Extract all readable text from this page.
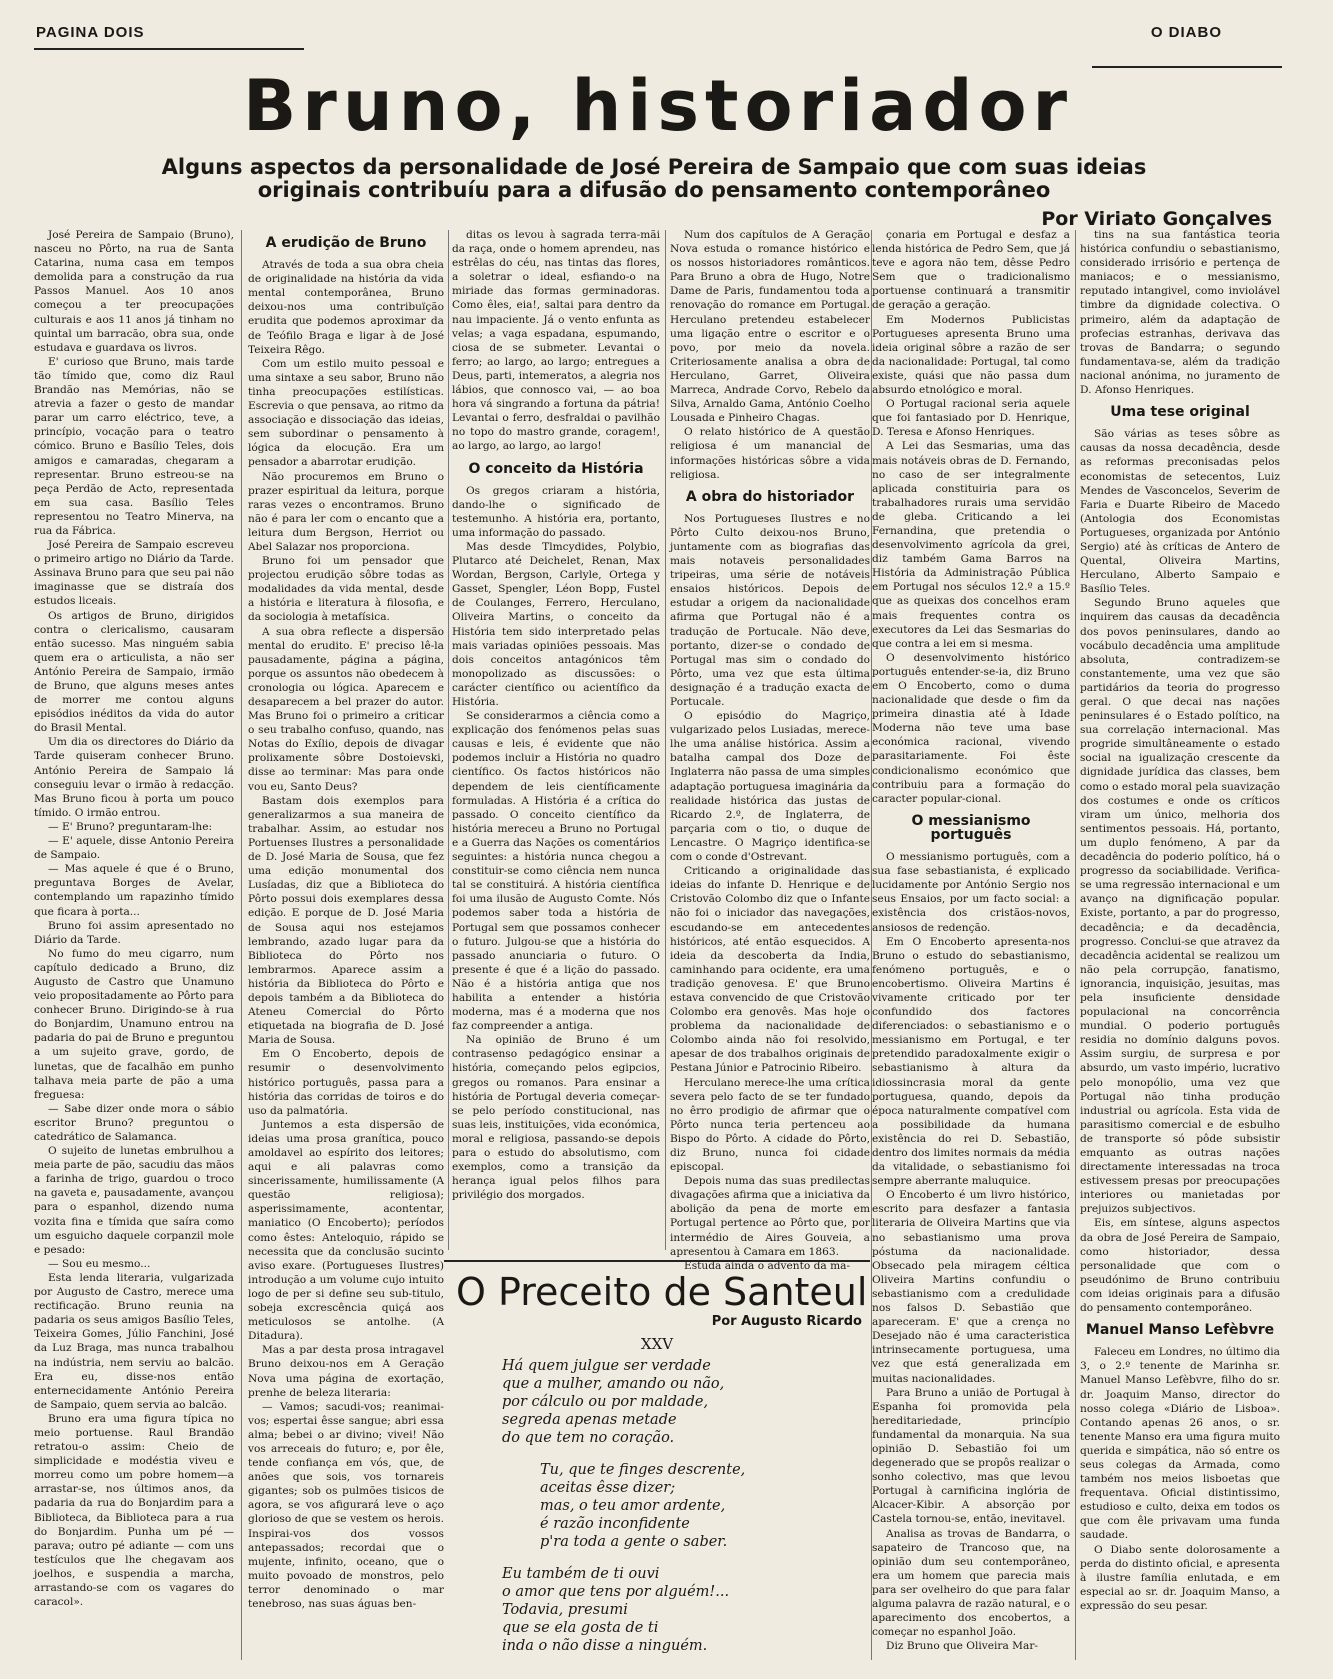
PAGINA DOIS	O DIABO
Bruno, historiador
Alguns aspectos da personalidade de José Pereira de Sampaio que com suas ideias originais contribuíu para a difusão do pensamento contemporâneo
Por Viriato Gonçalves

José Pereira de Sampaio (Bruno), nasceu no Pôrto, na rua de Santa Catarina, numa casa em tempos demolida para a construção da rua Passos Manuel. Aos 10 anos começou a ter preocupações culturais e aos 11 anos já tinham no quintal um barracão, obra sua, onde estudava e guardava os livros.

E' curioso que Bruno, mais tarde tão tímido que, como diz Raul Brandão nas Memórias, não se atrevia a fazer o gesto de mandar parar um carro eléctrico, teve, a princípio, vocação para o teatro cómico. Bruno e Basílio Teles, dois amigos e camaradas, chegaram a representar. Bruno estreou-se na peça Perdão de Acto, representada em sua casa. Basílio Teles representou no Teatro Minerva, na rua da Fábrica.

José Pereira de Sampaio escreveu o primeiro artigo no Diário da Tarde. Assinava Bruno para que seu pai não imaginasse que se distraía dos estudos liceais.

Os artigos de Bruno, dirigidos contra o clericalismo, causaram então sucesso. Mas ninguém sabia quem era o articulista, a não ser António Pereira de Sampaio, irmão de Bruno, que alguns meses antes de morrer me contou alguns episódios inéditos da vida do autor do Brasil Mental.

Um dia os directores do Diário da Tarde quiseram conhecer Bruno. António Pereira de Sampaio lá conseguiu levar o irmão à redacção. Mas Bruno ficou à porta um pouco tímido. O irmão entrou.

— E' Bruno? preguntaram-lhe:

— E' aquele, disse Antonio Pereira de Sampaio.

— Mas aquele é que é o Bruno, preguntava Borges de Avelar, contemplando um rapazinho tímido que ficara à porta...

Bruno foi assim apresentado no Diário da Tarde.

No fumo do meu cigarro, num capítulo dedicado a Bruno, diz Augusto de Castro que Unamuno veio propositadamente ao Pôrto para conhecer Bruno. Dirigindo-se à rua do Bonjardim, Unamuno entrou na padaria do pai de Bruno e preguntou a um sujeito grave, gordo, de lunetas, que de facalhão em punho talhava meia parte de pão a uma freguesa:

— Sabe dizer onde mora o sábio escritor Bruno? preguntou o catedrático de Salamanca.

O sujeito de lunetas embrulhou a meia parte de pão, sacudiu das mãos a farinha de trigo, guardou o troco na gaveta e, pausadamente, avançou para o espanhol, dizendo numa vozita fina e tímida que saíra como um esguicho daquele corpanzil mole e pesado:

— Sou eu mesmo...

Esta lenda literaria, vulgarizada por Augusto de Castro, merece uma rectificação. Bruno reunia na padaria os seus amigos Basílio Teles, Teixeira Gomes, Júlio Fanchini, José da Luz Braga, mas nunca trabalhou na indústria, nem serviu ao balcão. Era eu, disse-nos então enternecidamente António Pereira de Sampaio, quem servia ao balcão.

Bruno era uma figura típica no meio portuense. Raul Brandão retratou-o assim: Cheio de simplicidade e modéstia viveu e morreu como um pobre homem—a arrastar-se, nos últimos anos, da padaria da rua do Bonjardim para a Biblioteca, da Biblioteca para a rua do Bonjardim. Punha um pé — parava; outro pé adiante — com uns testículos que lhe chegavam aos joelhos, e suspendia a marcha, arrastando-se com os vagares do caracol».

A erudição de Bruno

Através de toda a sua obra cheia de originalidade na história da vida mental contemporânea, Bruno deixou-nos uma contribuïção erudita que podemos aproximar da de Teófilo Braga e ligar à de José Teixeira Rêgo.

Com um estilo muito pessoal e uma sintaxe a seu sabor, Bruno não tinha preocupações estilísticas. Escrevia o que pensava, ao ritmo da associação e dissociação das ideias, sem subordinar o pensamento à lógica da elocução. Era um pensador a abarrotar erudição.

Não procuremos em Bruno o prazer espiritual da leitura, porque raras vezes o encontramos. Bruno não é para ler com o encanto que a leitura dum Bergson, Herriot ou Abel Salazar nos proporciona.

Bruno foi um pensador que projectou erudição sôbre todas as modalidades da vida mental, desde a história e literatura à filosofia, e da sociologia à metafísica.

A sua obra reflecte a dispersão mental do erudito. E' preciso lê-la pausadamente, página a página, porque os assuntos não obedecem à cronologia ou lógica. Aparecem e desaparecem a bel prazer do autor. Mas Bruno foi o primeiro a criticar o seu trabalho confuso, quando, nas Notas do Exílio, depois de divagar prolixamente sôbre Dostoievski, disse ao terminar: Mas para onde vou eu, Santo Deus?

Bastam dois exemplos para generalizarmos a sua maneira de trabalhar. Assim, ao estudar nos Portuenses Ilustres a personalidade de D. José Maria de Sousa, que fez uma edição monumental dos Lusíadas, diz que a Biblioteca do Pôrto possui dois exemplares dessa edição. E porque de D. José Maria de Sousa aqui nos estejamos lembrando, azado lugar para da Biblioteca do Pôrto nos lembrarmos. Aparece assim a história da Biblioteca do Pôrto e depois também a da Biblioteca do Ateneu Comercial do Pôrto etiquetada na biografia de D. José Maria de Sousa.

Em O Encoberto, depois de resumir o desenvolvimento histórico português, passa para a história das corridas de toiros e do uso da palmatória.

Juntemos a esta dispersão de ideias uma prosa granítica, pouco amoldavel ao espírito dos leitores; aqui e ali palavras como sincerissamente, humilissamente (A questão religiosa); asperissimamente, acontentar, maniatico (O Encoberto); períodos como êstes: Anteloquio, rápido se necessita que da conclusão sucinto aviso exare. (Portugueses Ilustres) introdução a um volume cujo intuito logo de per si define seu sub-titulo, sobeja excrescência quiçá aos meticulosos se antolhe. (A Ditadura).

Mas a par desta prosa intragavel Bruno deixou-nos em A Geração Nova uma página de exortação, prenhe de beleza literaria:

— Vamos; sacudi-vos; reanimai-vos; espertai êsse sangue; abri essa alma; bebei o ar divino; vivei! Não vos arreceais do futuro; e, por êle, tende confiança em vós, que, de anões que sois, vos tornareis gigantes; sob os pulmões tisicos de agora, se vos afigurará leve o aço glorioso de que se vestem os herois. Inspirai-vos dos vossos antepassados; recordai que o mujente, infinito, oceano, que o muito povoado de monstros, pelo terror denominado o mar tenebroso, nas suas águas ben-

ditas os levou à sagrada terra-mãi da raça, onde o homem aprendeu, nas estrêlas do céu, nas tintas das flores, a soletrar o ideal, esfiando-o na miriade das formas germinadoras. Como êles, eia!, saltai para dentro da nau impaciente. Já o vento enfunta as velas; a vaga espadana, espumando, ciosa de se submeter. Levantai o ferro; ao largo, ao largo; entregues a Deus, parti, intemeratos, a alegria nos lábios, que connosco vai, — ao boa hora vá singrando a fortuna da pátria! Levantai o ferro, desfraldai o pavilhão no topo do mastro grande, coragem!, ao largo, ao largo, ao largo!

O conceito da História

Os gregos criaram a história, dando-lhe o significado de testemunho. A história era, portanto, uma informação do passado.

Mas desde Tlmcydides, Polybio, Plutarco até Deichelet, Renan, Max Wordan, Bergson, Carlyle, Ortega y Gasset, Spengler, Léon Bopp, Fustel de Coulanges, Ferrero, Herculano, Oliveira Martins, o conceito da História tem sido interpretado pelas mais variadas opiniões pessoais. Mas dois conceitos antagónicos têm monopolizado as discussões: o carácter científico ou acientífico da História.

Se considerarmos a ciência como a explicação dos fenómenos pelas suas causas e leis, é evidente que não podemos incluir a História no quadro científico. Os factos históricos não dependem de leis científicamente formuladas. A História é a crítica do passado. O conceito científico da história mereceu a Bruno no Portugal e a Guerra das Nações os comentários seguintes: a história nunca chegou a constituir-se como ciência nem nunca tal se constituirá. A história científica foi uma ilusão de Augusto Comte. Nós podemos saber toda a história de Portugal sem que possamos conhecer o futuro. Julgou-se que a história do passado anunciaria o futuro. O presente é que é a lição do passado. Não é a história antiga que nos habilita a entender a história moderna, mas é a moderna que nos faz compreender a antiga.

Na opinião de Bruno é um contrasenso pedagógico ensinar a história, começando pelos egipcios, gregos ou romanos. Para ensinar a história de Portugal deveria começar-se pelo período constitucional, nas suas leis, instituições, vida económica, moral e religiosa, passando-se depois para o estudo do absolutismo, com exemplos, como a transição da herança igual pelos filhos para privilégio dos morgados.

Num dos capítulos de A Geração Nova estuda o romance histórico e os nossos historiadores românticos. Para Bruno a obra de Hugo, Notre Dame de Paris, fundamentou toda a renovação do romance em Portugal. Herculano pretendeu estabelecer uma ligação entre o escritor e o povo, por meio da novela. Criteriosamente analisa a obra de Herculano, Garret, Oliveira Marreca, Andrade Corvo, Rebelo da Silva, Arnaldo Gama, António Coelho Lousada e Pinheiro Chagas.

O relato histórico de A questão religiosa é um manancial de informações históricas sôbre a vida religiosa.

A obra do historiador

Nos Portugueses Ilustres e no Pôrto Culto deixou-nos Bruno, juntamente com as biografias das mais notaveis personalidades tripeiras, uma série de notáveis ensaios históricos. Depois de estudar a origem da nacionalidade afirma que Portugal não é a tradução de Portucale. Não deve, portanto, dizer-se o condado de Portugal mas sim o condado do Pôrto, uma vez que esta última designação é a tradução exacta de Portucale.

O episódio do Magriço, vulgarizado pelos Lusiadas, merece-lhe uma análise histórica. Assim a batalha campal dos Doze de Inglaterra não passa de uma simples adaptação portuguesa imaginária da realidade histórica das justas de Ricardo 2.º, de Inglaterra, de parçaria com o tio, o duque de Lencastre. O Magriço identifica-se com o conde d'Ostrevant.

Criticando a originalidade das ideias do infante D. Henrique e de Cristovão Colombo diz que o Infante não foi o iniciador das navegações, escudando-se em antecedentes históricos, até então esquecidos. A ideia da descoberta da India, caminhando para ocidente, era uma tradição genovesa. E' que Bruno estava convencido de que Cristovão Colombo era genovês. Mas hoje o problema da nacionalidade de Colombo ainda não foi resolvido, apesar de dos trabalhos originais de Pestana Júnior e Patrocinio Ribeiro.

Herculano merece-lhe uma crítica severa pelo facto de se ter fundado no êrro prodigio de afirmar que o Pôrto nunca teria pertenceu ao Bispo do Pôrto. A cidade do Pôrto, diz Bruno, nunca foi cidade episcopal.

Depois numa das suas predilectas divagações afirma que a iniciativa da abolição da pena de morte em Portugal pertence ao Pôrto que, por intermédio de Aires Gouveia, a apresentou à Camara em 1863.

Estuda ainda o advento da ma-

çonaria em Portugal e desfaz a lenda histórica de Pedro Sem, que já teve e agora não tem, dêsse Pedro Sem que o tradicionalismo portuense continuará a transmitir de geração a geração.

Em Modernos Publicistas Portugueses apresenta Bruno uma ideia original sôbre a razão de ser da nacionalidade: Portugal, tal como existe, quási que não passa dum absurdo etnológico e moral.

O Portugal racional seria aquele que foi fantasiado por D. Henrique, D. Teresa e Afonso Henriques.

A Lei das Sesmarias, uma das mais notáveis obras de D. Fernando, no caso de ser integralmente aplicada constituiria para os trabalhadores rurais uma servidão de gleba. Criticando a lei Fernandina, que pretendia o desenvolvimento agrícola da grei, diz também Gama Barros na História da Administração Pública em Portugal nos séculos 12.º a 15.º que as queixas dos concelhos eram mais frequentes contra os executores da Lei das Sesmarias do que contra a lei em si mesma.

O desenvolvimento histórico português entender-se-ia, diz Bruno em O Encoberto, como o duma nacionalidade que desde o fim da primeira dinastia até à Idade Moderna não teve uma base económica racional, vivendo parasitariamente. Foi êste condicionalismo económico que contribuiu para a formação do caracter popular-cional.

O messianismo português

O messianismo português, com a sua fase sebastianista, é explicado lucidamente por António Sergio nos seus Ensaios, por um facto social: a existência dos cristãos-novos, ansiosos de redenção.

Em O Encoberto apresenta-nos Bruno o estudo do sebastianismo, fenómeno português, e o encobertismo. Oliveira Martins é vivamente criticado por ter confundido dos factores diferenciados: o sebastianismo e o messianismo em Portugal, e ter pretendido paradoxalmente exigir o sebastianismo à altura da idiossincrasia moral da gente portuguesa, quando, depois da época naturalmente compatível com a possibilidade da humana existência do rei D. Sebastião, dentro dos limites normais da média da vitalidade, o sebastianismo foi sempre aberrante maluquice.

O Encoberto é um livro histórico, escrito para desfazer a fantasia literaria de Oliveira Martins que via no sebastianismo uma prova póstuma da nacionalidade. Obsecado pela miragem céltica Oliveira Martins confundiu o sebastianismo com a credulidade nos falsos D. Sebastião que apareceram. E' que a crença no Desejado não é uma caracteristica intrinsecamente portuguesa, uma vez que está generalizada em muitas nacionalidades.

Para Bruno a união de Portugal à Espanha foi promovida pela hereditariedade, princípio fundamental da monarquia. Na sua opinião D. Sebastião foi um degenerado que se propôs realizar o sonho colectivo, mas que levou Portugal à carnificina inglória de Alcacer-Kibir. A absorção por Castela tornou-se, então, inevitavel.

Analisa as trovas de Bandarra, o sapateiro de Trancoso que, na opinião dum seu contemporâneo, era um homem que parecia mais para ser ovelheiro do que para falar alguma palavra de razão natural, e o aparecimento dos encobertos, a começar no espanhol João.

Diz Bruno que Oliveira Mar-

tins na sua fantástica teoria histórica confundiu o sebastianismo, considerado irrisório e pertença de maniacos; e o messianismo, reputado intangivel, como inviolável timbre da dignidade colectiva. O primeiro, além da adaptação de profecias estranhas, derivava das trovas de Bandarra; o segundo fundamentava-se, além da tradição nacional anónima, no juramento de D. Afonso Henriques.

Uma tese original

São várias as teses sôbre as causas da nossa decadência, desde as reformas preconisadas pelos economistas de setecentos, Luiz Mendes de Vasconcelos, Severim de Faria e Duarte Ribeiro de Macedo (Antologia dos Economistas Portugueses, organizada por António Sergio) até às críticas de Antero de Quental, Oliveira Martins, Herculano, Alberto Sampaio e Basílio Teles.

Segundo Bruno aqueles que inquirem das causas da decadência dos povos peninsulares, dando ao vocábulo decadência uma amplitude absoluta, contradizem-se constantemente, uma vez que são partidários da teoria do progresso geral. O que decai nas nações peninsulares é o Estado político, na sua correlação internacional. Mas progride simultâneamente o estado social na igualização crescente da dignidade jurídica das classes, bem como o estado moral pela suavização dos costumes e onde os críticos viram um único, melhoria dos sentimentos pessoais. Há, portanto, um duplo fenómeno, A par da decadência do poderio político, há o progresso da sociabilidade. Verifica-se uma regressão internacional e um avanço na dignificação popular. Existe, portanto, a par do progresso, decadência; e da decadência, progresso. Conclui-se que atravez da decadência acidental se realizou um não pela corrupção, fanatismo, ignorancia, inquisição, jesuitas, mas pela insuficiente densidade populacional na concorrência mundial. O poderio português residia no domínio dalguns povos. Assim surgiu, de surpresa e por absurdo, um vasto império, lucrativo pelo monopólio, uma vez que Portugal não tinha produção industrial ou agrícola. Esta vida de parasitismo comercial e de esbulho de transporte só pôde subsistir emquanto as outras nações directamente interessadas na troca estivessem presas por preocupações interiores ou manietadas por prejuizos subjectivos.

Eis, em síntese, alguns aspectos da obra de José Pereira de Sampaio, como historiador, dessa personalidade que com o pseudónimo de Bruno contribuiu com ideias originais para a difusão do pensamento contemporâneo.

Manuel Manso Lefèbvre

Faleceu em Londres, no último dia 3, o 2.º tenente de Marinha sr. Manuel Manso Lefèbvre, filho do sr. dr. Joaquim Manso, director do nosso colega «Diário de Lisboa». Contando apenas 26 anos, o sr. tenente Manso era uma figura muito querida e simpática, não só entre os seus colegas da Armada, como também nos meios lisboetas que frequentava. Oficial distintissimo, estudioso e culto, deixa em todos os que com êle privavam uma funda saudade.

O Diabo sente dolorosamente a perda do distinto oficial, e apresenta à ilustre família enlutada, e em especial ao sr. dr. Joaquim Manso, a expressão do seu pesar.

O Preceito de Santeul
Por Augusto Ricardo
XXV
Há quem julgue ser verdade
que a mulher, amando ou não,
por cálculo ou por maldade,
segreda apenas metade
do que tem no coração.
Tu, que te finges descrente,
aceitas êsse dizer;
mas, o teu amor ardente,
é razão inconfidente
p'ra toda a gente o saber.
Eu também de ti ouvi
o amor que tens por alguém!...
Todavia, presumi
que se ela gosta de ti
inda o não disse a ninguém.
